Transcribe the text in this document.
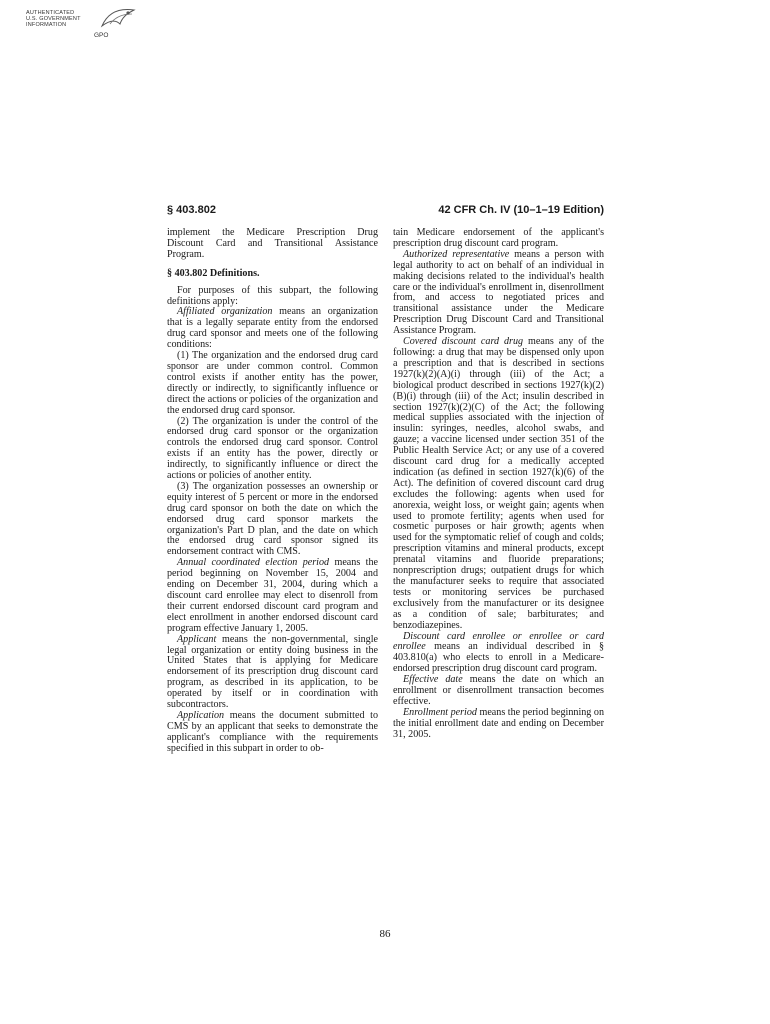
AUTHENTICATED
U.S. GOVERNMENT
INFORMATION
GPO
§ 403.802	42 CFR Ch. IV (10–1–19 Edition)

implement the Medicare Prescription Drug Discount Card and Transitional Assistance Program.

§ 403.802 Definitions.

For purposes of this subpart, the following definitions apply:

Affiliated organization means an organization that is a legally separate entity from the endorsed drug card sponsor and meets one of the following conditions:

(1) The organization and the endorsed drug card sponsor are under common control. Common control exists if another entity has the power, directly or indirectly, to significantly influence or direct the actions or policies of the organization and the endorsed drug card sponsor.

(2) The organization is under the control of the endorsed drug card sponsor or the organization controls the endorsed drug card sponsor. Control exists if an entity has the power, directly or indirectly, to significantly influence or direct the actions or policies of another entity.

(3) The organization possesses an ownership or equity interest of 5 percent or more in the endorsed drug card sponsor on both the date on which the endorsed drug card sponsor markets the organization's Part D plan, and the date on which the endorsed drug card sponsor signed its endorsement contract with CMS.

Annual coordinated election period means the period beginning on November 15, 2004 and ending on December 31, 2004, during which a discount card enrollee may elect to disenroll from their current endorsed discount card program and elect enrollment in another endorsed discount card program effective January 1, 2005.

Applicant means the non-governmental, single legal organization or entity doing business in the United States that is applying for Medicare endorsement of its prescription drug discount card program, as described in its application, to be operated by itself or in coordination with subcontractors.

Application means the document submitted to CMS by an applicant that seeks to demonstrate the applicant's compliance with the requirements specified in this subpart in order to ob-

tain Medicare endorsement of the applicant's prescription drug discount card program.

Authorized representative means a person with legal authority to act on behalf of an individual in making decisions related to the individual's health care or the individual's enrollment in, disenrollment from, and access to negotiated prices and transitional assistance under the Medicare Prescription Drug Discount Card and Transitional Assistance Program.

Covered discount card drug means any of the following: a drug that may be dispensed only upon a prescription and that is described in sections 1927(k)(2)(A)(i) through (iii) of the Act; a biological product described in sections 1927(k)(2)(B)(i) through (iii) of the Act; insulin described in section 1927(k)(2)(C) of the Act; the following medical supplies associated with the injection of insulin: syringes, needles, alcohol swabs, and gauze; a vaccine licensed under section 351 of the Public Health Service Act; or any use of a covered discount card drug for a medically accepted indication (as defined in section 1927(k)(6) of the Act). The definition of covered discount card drug excludes the following: agents when used for anorexia, weight loss, or weight gain; agents when used to promote fertility; agents when used for cosmetic purposes or hair growth; agents when used for the symptomatic relief of cough and colds; prescription vitamins and mineral products, except prenatal vitamins and fluoride preparations; nonprescription drugs; outpatient drugs for which the manufacturer seeks to require that associated tests or monitoring services be purchased exclusively from the manufacturer or its designee as a condition of sale; barbiturates; and benzodiazepines.

Discount card enrollee or enrollee or card enrollee means an individual described in § 403.810(a) who elects to enroll in a Medicare-endorsed prescription drug discount card program.

Effective date means the date on which an enrollment or disenrollment transaction becomes effective.

Enrollment period means the period beginning on the initial enrollment date and ending on December 31, 2005.

86
